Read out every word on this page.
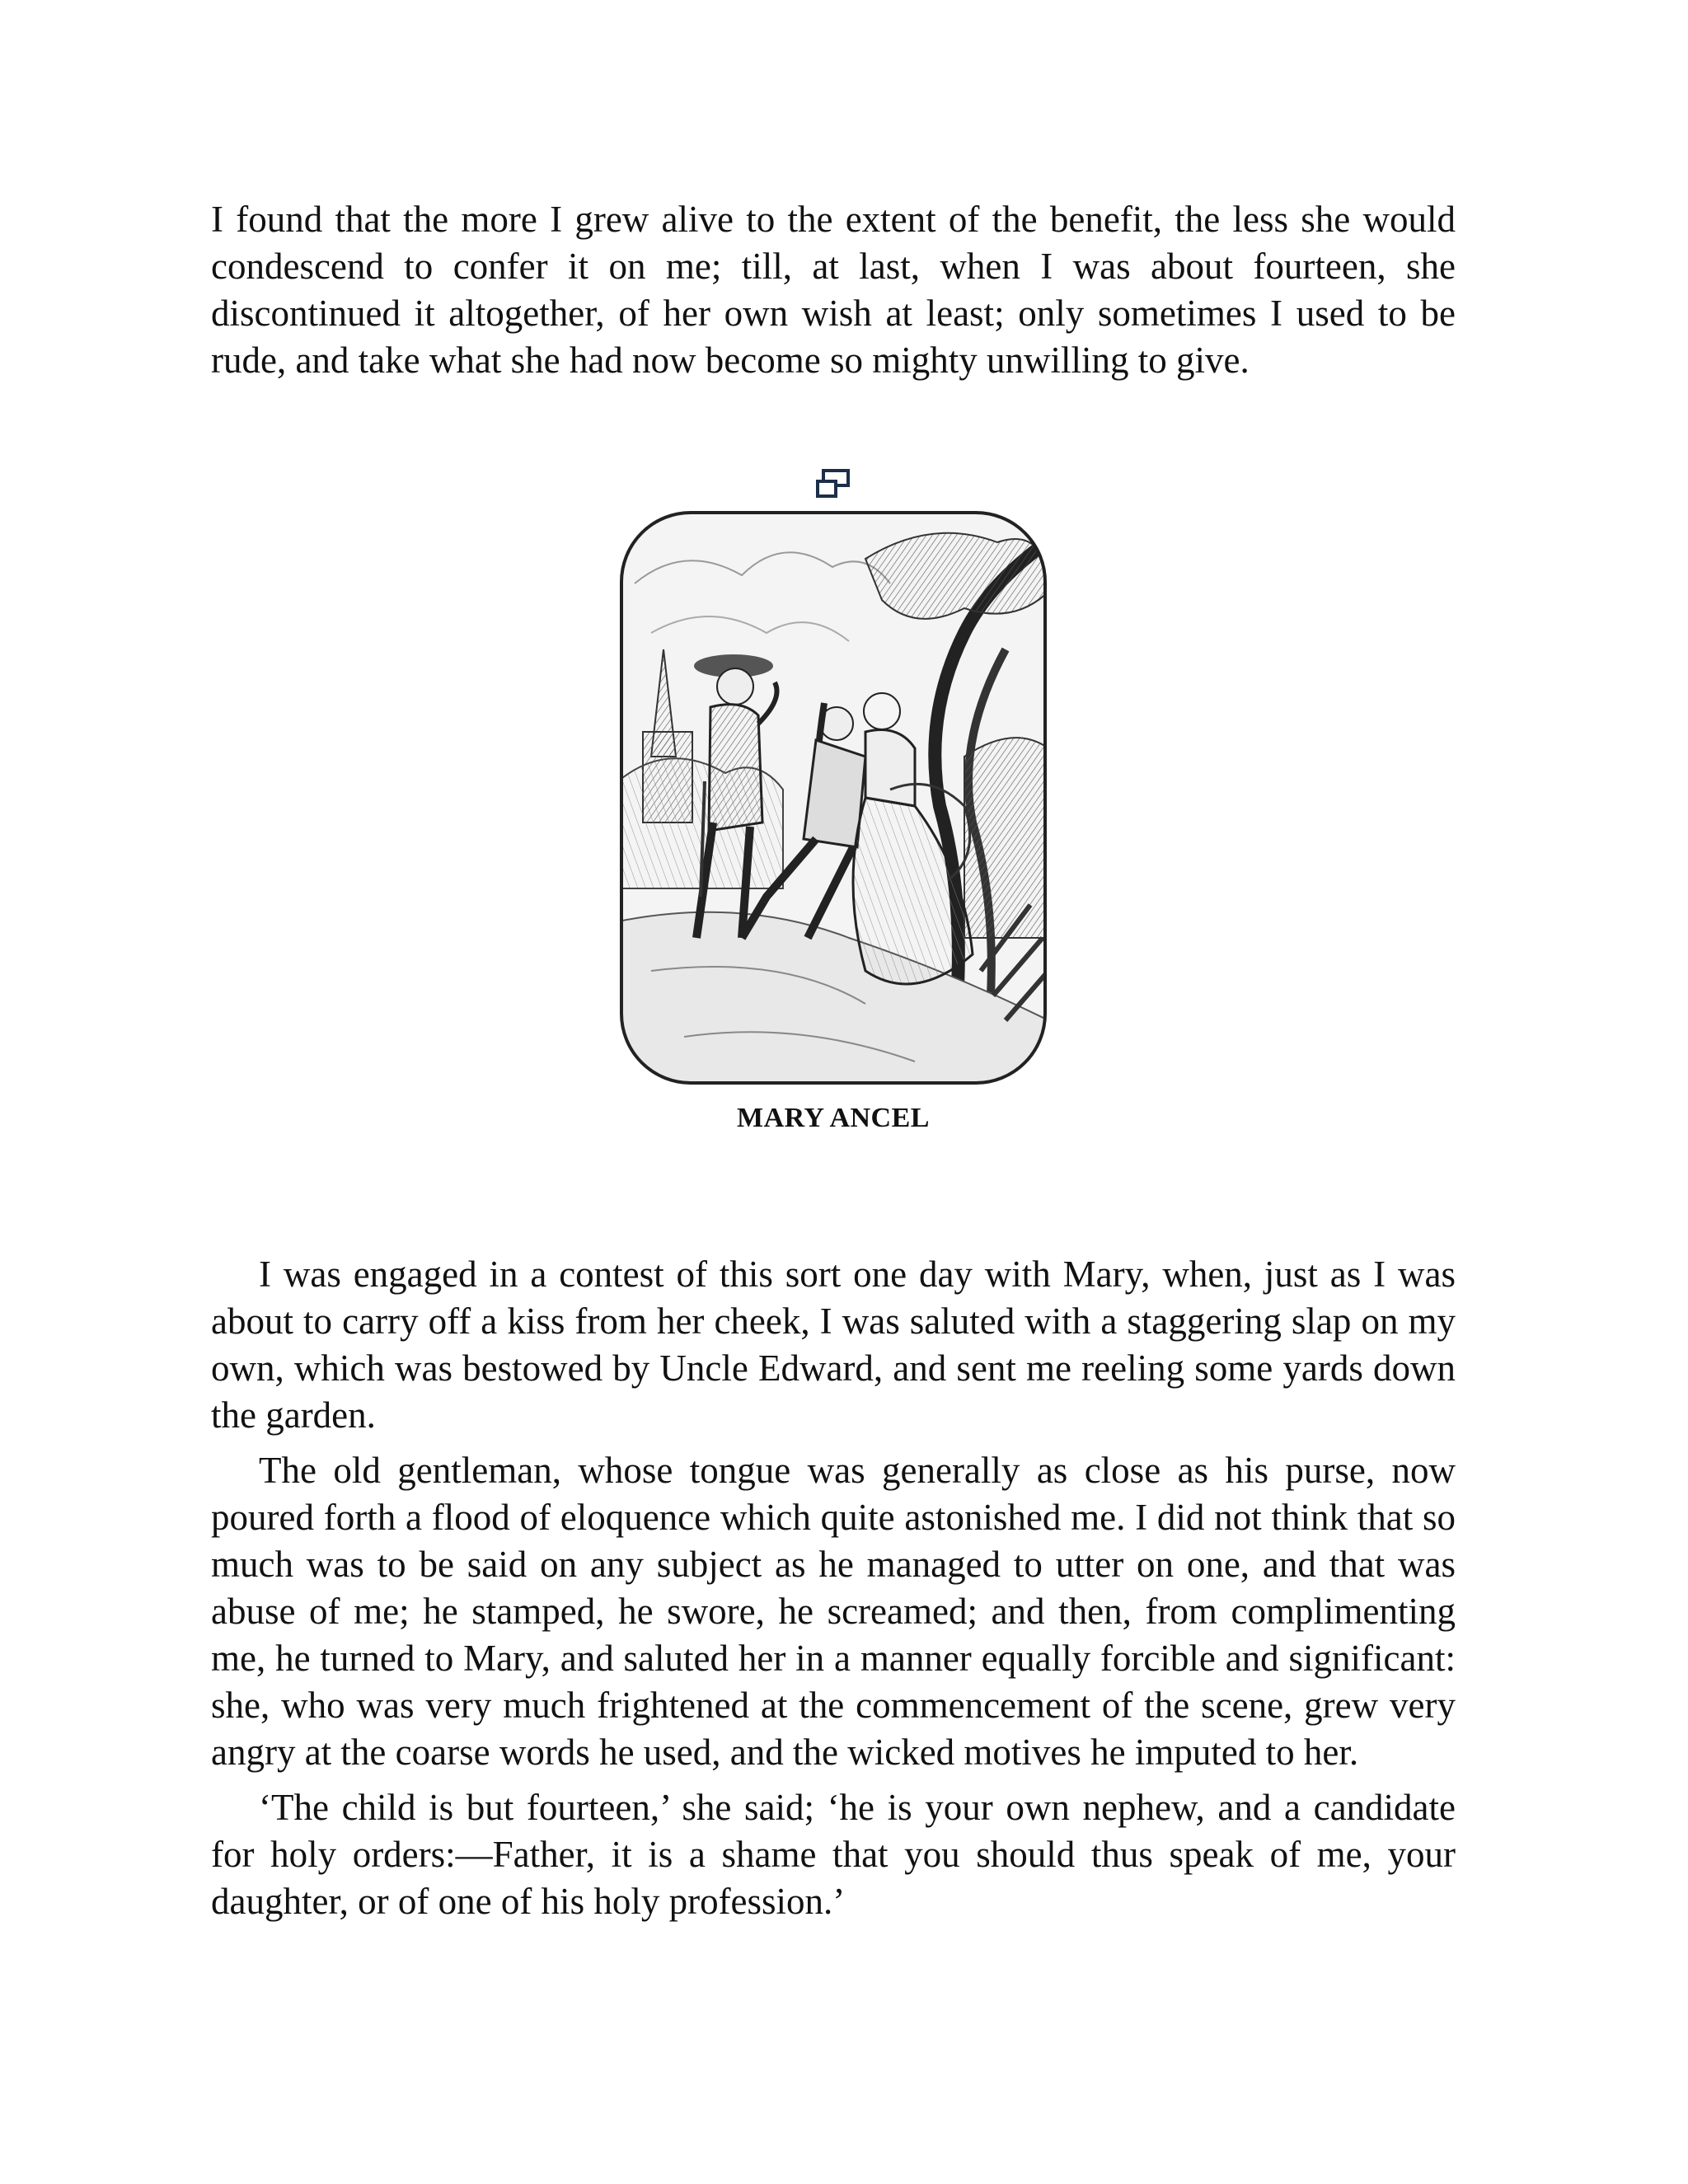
I found that the more I grew alive to the extent of the benefit, the less she would condescend to confer it on me; till, at last, when I was about fourteen, she discontinued it altogether, of her own wish at least; only sometimes I used to be rude, and take what she had now become so mighty unwilling to give.

MARY ANCEL

I was engaged in a contest of this sort one day with Mary, when, just as I was about to carry off a kiss from her cheek, I was saluted with a staggering slap on my own, which was bestowed by Uncle Edward, and sent me reeling some yards down the garden.

The old gentleman, whose tongue was generally as close as his purse, now poured forth a flood of eloquence which quite astonished me. I did not think that so much was to be said on any subject as he managed to utter on one, and that was abuse of me; he stamped, he swore, he screamed; and then, from complimenting me, he turned to Mary, and saluted her in a manner equally forcible and significant: she, who was very much frightened at the commencement of the scene, grew very angry at the coarse words he used, and the wicked motives he imputed to her.

‘The child is but fourteen,’ she said; ‘he is your own nephew, and a candidate for holy orders:—Father, it is a shame that you should thus speak of me, your daughter, or of one of his holy profession.’
